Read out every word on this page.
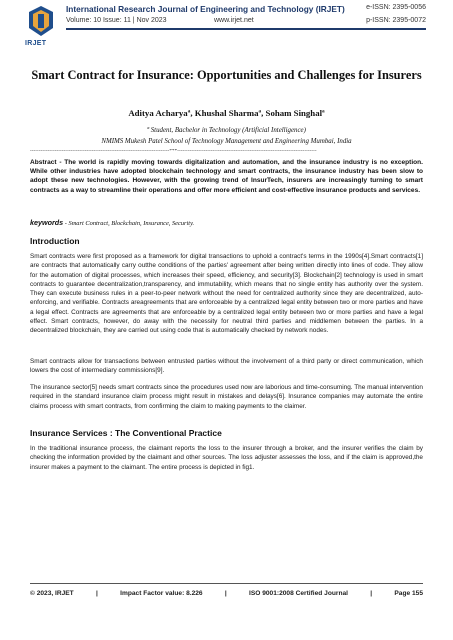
IRJET
International Research Journal of Engineering and Technology (IRJET)
Volume: 10 Issue: 11 | Nov 2023	www.irjet.net
e-ISSN: 2395-0056
p-ISSN: 2395-0072
Smart Contract for Insurance: Opportunities and Challenges for Insurers
Aditya Acharyaª, Khushal Sharmaª, Soham Singhalª
ª Student, Bachelor in Technology (Artificial Intelligence)
NMIMS Mukesh Patel School of Technology Management and Engineering Mumbai, India
-------------------------------------------------------------------------------***-------------------------------------------------------------------------------
Abstract - The world is rapidly moving towards digitalization and automation, and the insurance industry is no exception. While other industries have adopted blockchain technology and smart contracts, the insurance industry has been slow to adopt these new technologies. However, with the growing trend of InsurTech, insurers are increasingly turning to smart contracts as a way to streamline their operations and offer more efficient and cost-effective insurance products and services.
keywords - Smart Contract, Blockchain, Insurance, Security.
Introduction
Smart contracts were first proposed as a framework for digital transactions to uphold a contract's terms in the 1990s[4].Smart contracts[1] are contracts that automatically carry outthe conditions of the parties' agreement after being written directly into lines of code. They allow for the automation of digital processes, which increases their speed, efficiency, and security[3]. Blockchain[2] technology is used in smart contracts to guarantee decentralization,transparency, and immutability, which means that no single entity has authority over the system. They can execute business rules in a peer-to-peer network without the need for centralized authority since they are decentralized, auto-enforcing, and verifiable. Contracts areagreements that are enforceable by a centralized legal entity between two or more parties and have a legal effect. Contracts are agreements that are enforceable by a centralized legal entity between two or more parties and have a legal effect. Smart contracts, however, do away with the necessity for neutral third parties and middlemen between the parties. In a decentralized blockchain, they are carried out using code that is automatically checked by network nodes.
Smart contracts allow for transactions between entrusted parties without the involvement of a third party or direct communication, which lowers the cost of intermediary commissions[9].
The insurance sector[5] needs smart contracts since the procedures used now are laborious and time-consuming. The manual intervention required in the standard insurance claim process might result in mistakes and delays[6]. Insurance companies may automate the entire claims process with smart contracts, from confirming the claim to making payments to the claimer.
Insurance Services : The Conventional Practice
In the traditional insurance process, the claimant reports the loss to the insurer through a broker, and the insurer verifies the claim by checking the information provided by the claimant and other sources. The loss adjuster assesses the loss, and if the claim is approved,the insurer makes a payment to the claimant. The entire process is depicted in fig1.
© 2023, IRJET	|	Impact Factor value: 8.226	|	ISO 9001:2008 Certified Journal	|	Page 155
